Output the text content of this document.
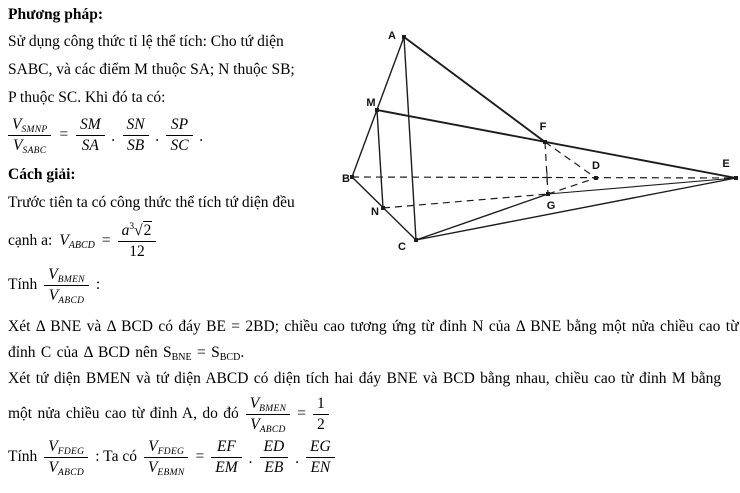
Phương pháp:
Sử dụng công thức tỉ lệ thể tích: Cho tứ diện
SABC, và các điểm M thuộc SA; N thuộc SB;
P thuộc SC. Khi đó ta có:
$\frac{V_{SMNP}}{V_{SABC}} = \frac{SM}{SA}$ . $\frac{SN}{SB}$ . $\frac{SP}{SC}$ .
Cách giải:
Trước tiên ta có công thức thể tích tứ diện đều
cạnh a: $V_{ABCD} = \frac{a^3√2}{12}$
Tính $\frac{V_{BMEN}}{V_{ABCD}}$ :
Xét Δ BNE và Δ BCD có đáy BE = 2BD; chiều cao tương ứng từ đỉnh N của Δ BNE bằng một nửa chiều cao từ
đỉnh C của Δ BCD nên SBNE = SBCD.
Xét tứ diện BMEN và tứ diện ABCD có diện tích hai đáy BNE và BCD bằng nhau, chiều cao từ đỉnh M bằng
một nửa chiều cao từ đỉnh A, do đó $\frac{V_{BMEN}}{V_{ABCD}} = \frac{1}{2}$
Tính $\frac{V_{FDEG}}{V_{ABCD}}$ : Ta có $\frac{V_{FDEG}}{V_{EBMN}} = \frac{EF}{EM}$ . $\frac{ED}{EB}$ . $\frac{EG}{EN}$
A
M
B
N
C
F
D
G
E
